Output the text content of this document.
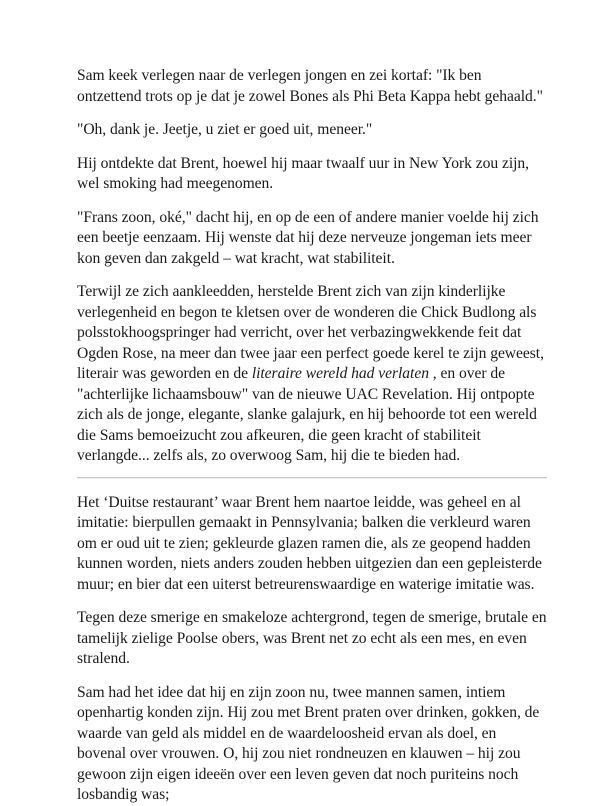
Sam keek verlegen naar de verlegen jongen en zei kortaf: "Ik ben ontzettend trots op je dat je zowel Bones als Phi Beta Kappa hebt gehaald."

"Oh, dank je. Jeetje, u ziet er goed uit, meneer."

Hij ontdekte dat Brent, hoewel hij maar twaalf uur in New York zou zijn, wel smoking had meegenomen.

"Frans zoon, oké," dacht hij, en op de een of andere manier voelde hij zich een beetje eenzaam. Hij wenste dat hij deze nerveuze jongeman iets meer kon geven dan zakgeld – wat kracht, wat stabiliteit.

Terwijl ze zich aankleedden, herstelde Brent zich van zijn kinderlijke verlegenheid en begon te kletsen over de wonderen die Chick Budlong als polsstokhoogspringer had verricht, over het verbazingwekkende feit dat Ogden Rose, na meer dan twee jaar een perfect goede kerel te zijn geweest, literair was geworden en de literaire wereld had verlaten , en over de "achterlijke lichaamsbouw" van de nieuwe UAC Revelation. Hij ontpopte zich als de jonge, elegante, slanke galajurk, en hij behoorde tot een wereld die Sams bemoeizucht zou afkeuren, die geen kracht of stabiliteit verlangde... zelfs als, zo overwoog Sam, hij die te bieden had.

Het ‘Duitse restaurant’ waar Brent hem naartoe leidde, was geheel en al imitatie: bierpullen gemaakt in Pennsylvania; balken die verkleurd waren om er oud uit te zien; gekleurde glazen ramen die, als ze geopend hadden kunnen worden, niets anders zouden hebben uitgezien dan een gepleisterde muur; en bier dat een uiterst betreurenswaardige en waterige imitatie was.

Tegen deze smerige en smakeloze achtergrond, tegen de smerige, brutale en tamelijk zielige Poolse obers, was Brent net zo echt als een mes, en even stralend.

Sam had het idee dat hij en zijn zoon nu, twee mannen samen, intiem openhartig konden zijn. Hij zou met Brent praten over drinken, gokken, de waarde van geld als middel en de waardeloosheid ervan als doel, en bovenal over vrouwen. O, hij zou niet rondneuzen en klauwen – hij zou gewoon zijn eigen ideeën over een leven geven dat noch puriteins noch losbandig was;
